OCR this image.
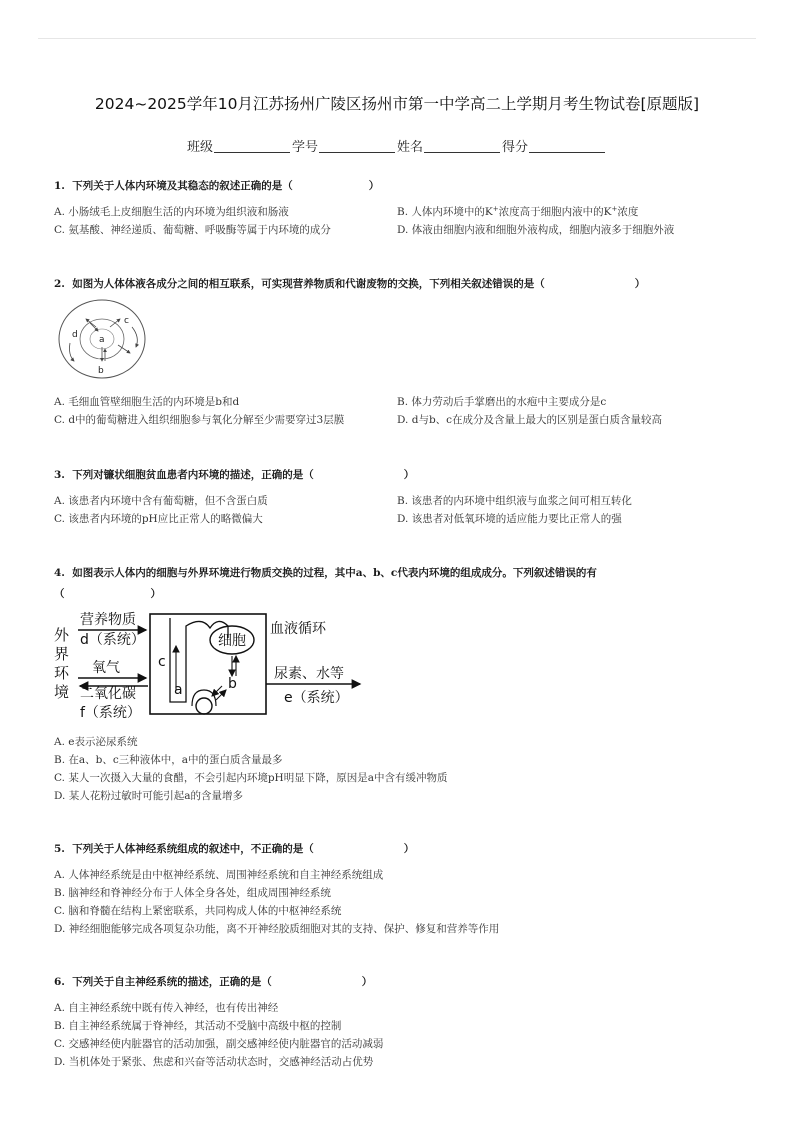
2024~2025学年10月江苏扬州广陵区扬州市第一中学高二上学期月考生物试卷[原题版]
班级	学号	姓名	得分
1. 下列关于人体内环境及其稳态的叙述正确的是（	）
A. 小肠绒毛上皮细胞生活的内环境为组织液和肠液	B. 人体内环境中的K+浓度高于细胞内液中的K+浓度
C. 氨基酸、神经递质、葡萄糖、呼吸酶等属于内环境的成分	D. 体液由细胞内液和细胞外液构成，细胞内液多于细胞外液
2. 如图为人体体液各成分之间的相互联系，可实现营养物质和代谢废物的交换，下列相关叙述错误的是（	）
d
c
a
b
A. 毛细血管壁细胞生活的内环境是b和d	B. 体力劳动后手掌磨出的水疱中主要成分是c
C. d中的葡萄糖进入组织细胞参与氧化分解至少需要穿过3层膜	D. d与b、c在成分及含量上最大的区别是蛋白质含量较高
3. 下列对镰状细胞贫血患者内环境的描述，正确的是（	）
A. 该患者内环境中含有葡萄糖，但不含蛋白质	B. 该患者的内环境中组织液与血浆之间可相互转化
C. 该患者内环境的pH应比正常人的略微偏大	D. 该患者对低氧环境的适应能力要比正常人的强
4. 如图表示人体内的细胞与外界环境进行物质交换的过程，其中a、b、c代表内环境的组成成分。下列叙述错误的有
（	）
外
界
环
境
营养物质
d（系统）
氧气
二氧化碳
f（系统）
细胞
c
a	b
血液循环
尿素、水等
e（系统）
A. e表示泌尿系统
B. 在a、b、c三种液体中，a中的蛋白质含量最多
C. 某人一次摄入大量的食醋，不会引起内环境pH明显下降，原因是a中含有缓冲物质
D. 某人花粉过敏时可能引起a的含量增多
5. 下列关于人体神经系统组成的叙述中，不正确的是（	）
A. 人体神经系统是由中枢神经系统、周围神经系统和自主神经系统组成
B. 脑神经和脊神经分布于人体全身各处，组成周围神经系统
C. 脑和脊髓在结构上紧密联系，共同构成人体的中枢神经系统
D. 神经细胞能够完成各项复杂功能，离不开神经胶质细胞对其的支持、保护、修复和营养等作用
6. 下列关于自主神经系统的描述，正确的是（	）
A. 自主神经系统中既有传入神经，也有传出神经
B. 自主神经系统属于脊神经，其活动不受脑中高级中枢的控制
C. 交感神经使内脏器官的活动加强，副交感神经使内脏器官的活动减弱
D. 当机体处于紧张、焦虑和兴奋等活动状态时，交感神经活动占优势
